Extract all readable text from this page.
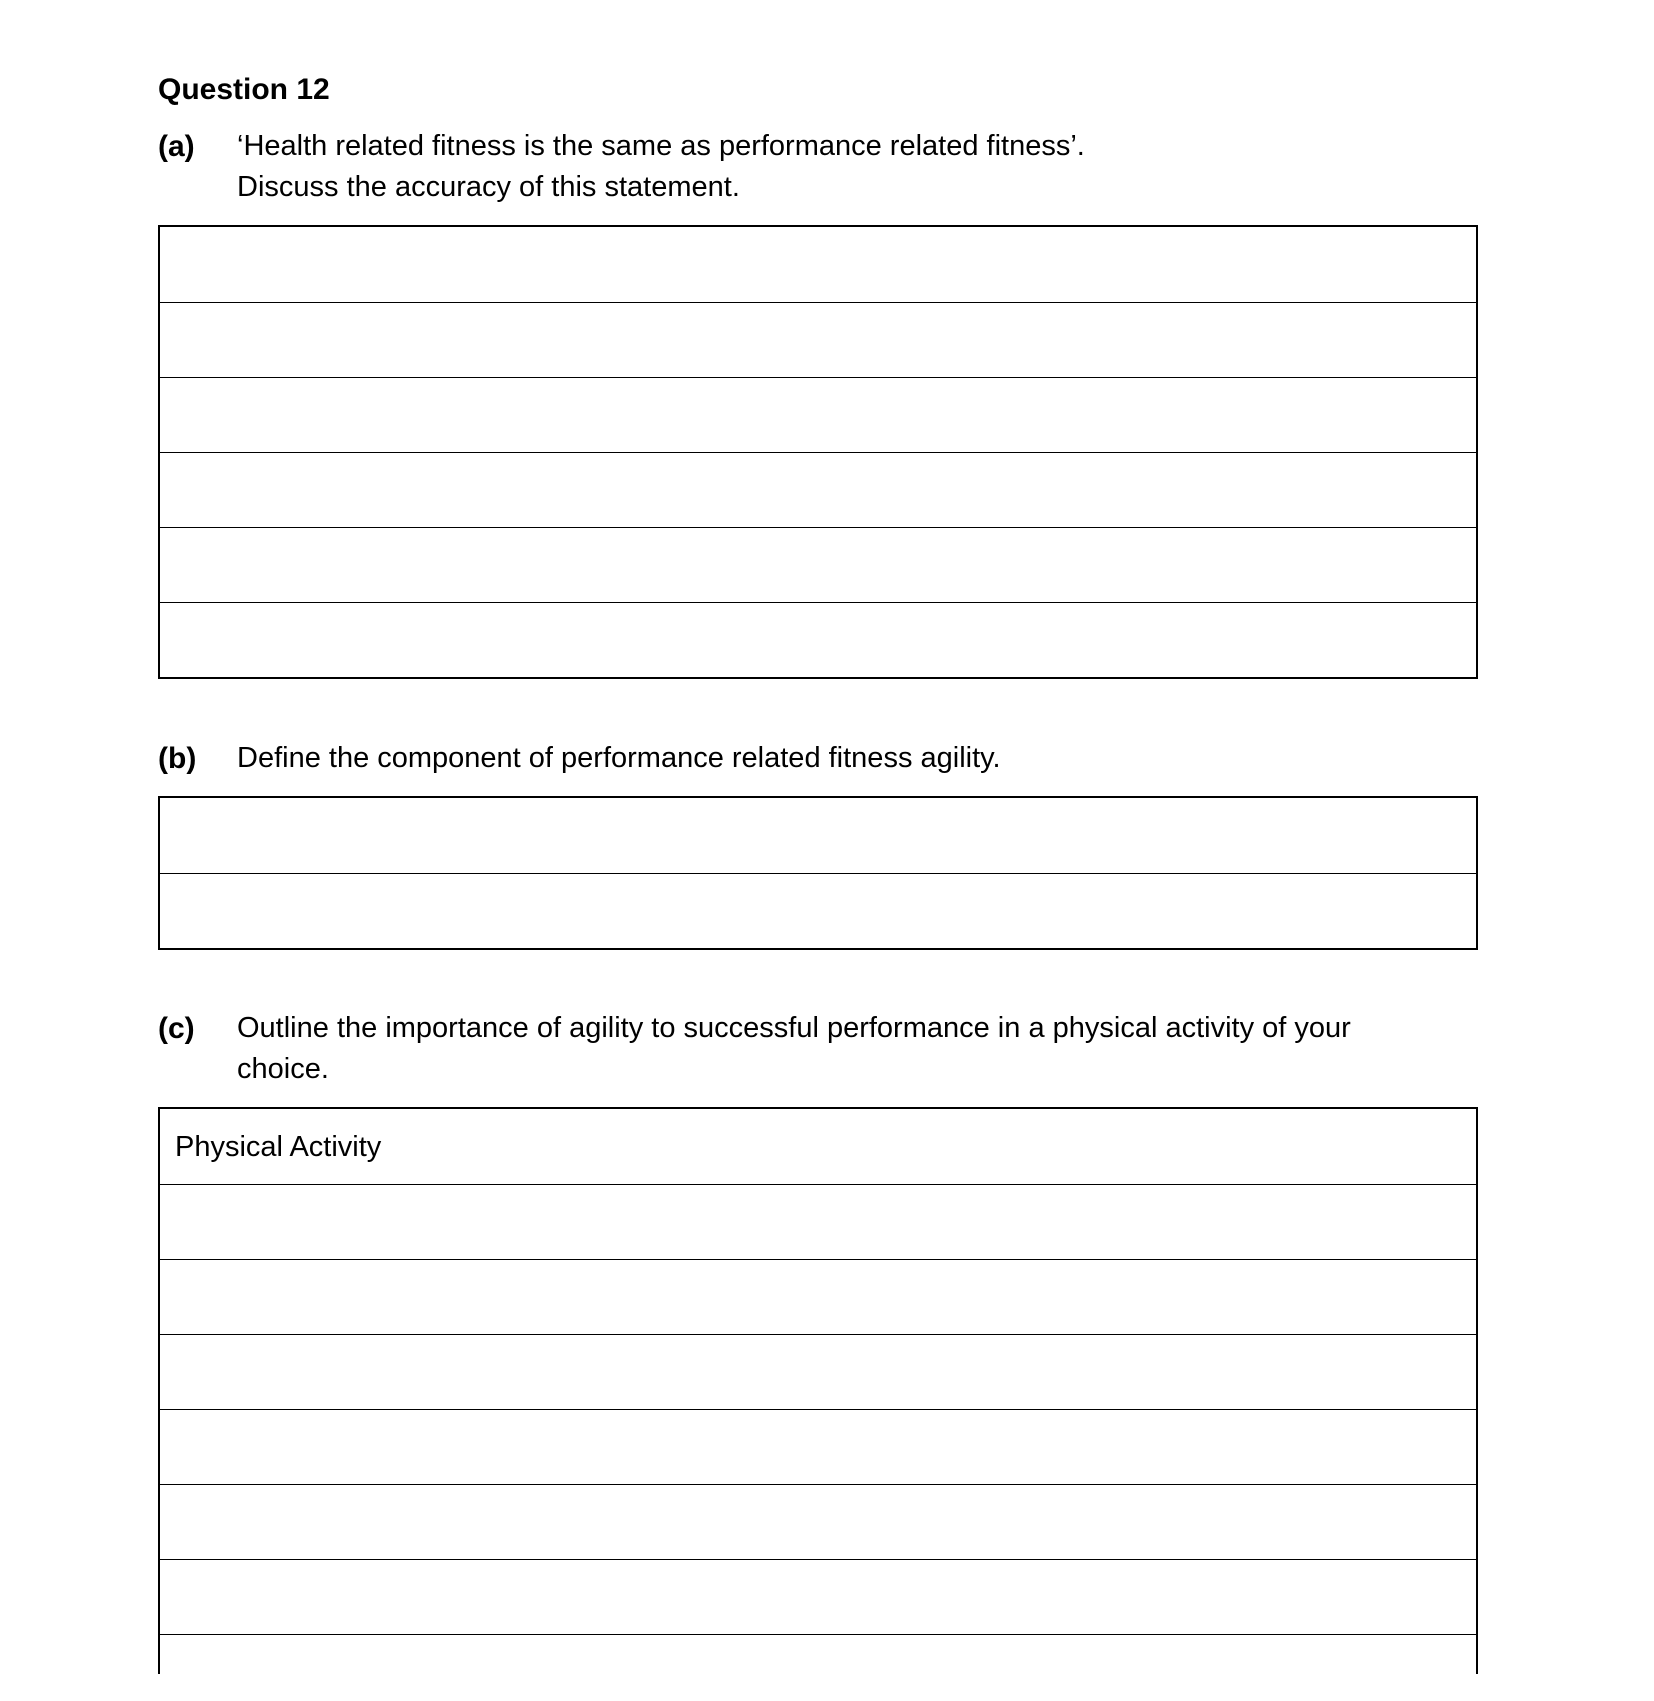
Question 12
(a) ‘Health related fitness is the same as performance related fitness’.
Discuss the accuracy of this statement.
(b) Define the component of performance related fitness agility.
(c) Outline the importance of agility to successful performance in a physical activity of your
choice.
Physical Activity
